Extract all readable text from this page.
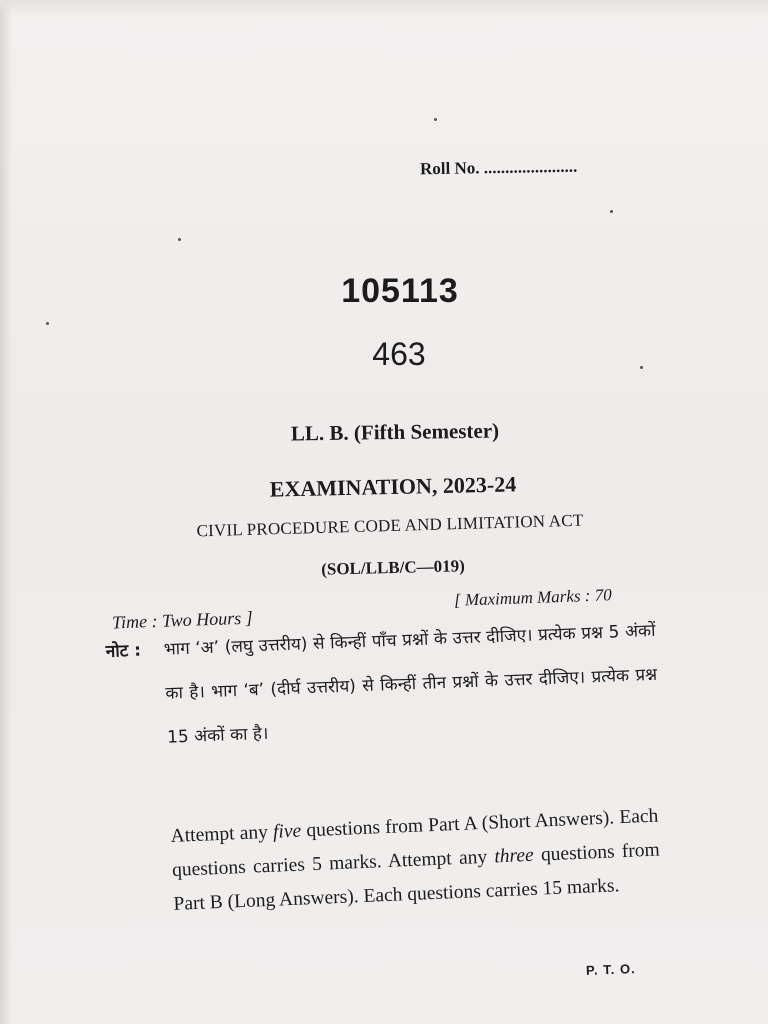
Roll No. ......................
105113
463
LL. B. (Fifth Semester)
EXAMINATION, 2023-24
CIVIL PROCEDURE CODE AND LIMITATION ACT
(SOL/LLB/C—019)
[ Maximum Marks : 70
Time : Two Hours ]
नोट :	भाग ‘अ’ (लघु उत्तरीय) से किन्हीं पाँच प्रश्नों के उत्तर दीजिए। प्रत्येक प्रश्न 5 अंकों का है। भाग ‘ब’ (दीर्घ उत्तरीय) से किन्हीं तीन प्रश्नों के उत्तर दीजिए। प्रत्येक प्रश्न 15 अंकों का है।
Attempt any five questions from Part A (Short Answers). Each questions carries 5 marks. Attempt any three questions from Part B (Long Answers). Each questions carries 15 marks.
P. T. O.
